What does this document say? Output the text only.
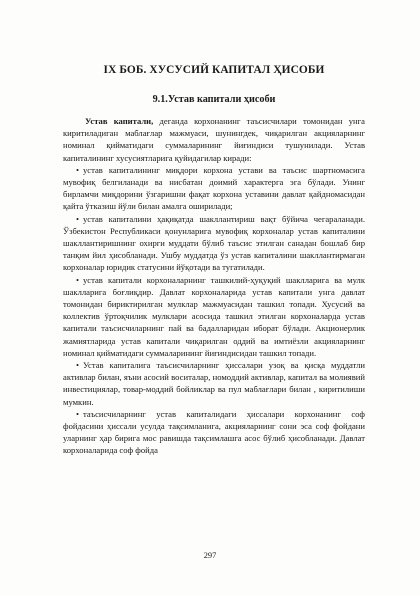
IX БОБ. ХУСУСИЙ КАПИТАЛ ҲИСОБИ
9.1.Устав капитали ҳисоби

Устав капитали, деганда корхонанинг таъсисчилари томонидан унга киритиладиган маблағлар мажмуаси, шунингдек, чиқарилган акцияларнинг номинал қийматидаги суммаларининг йиғиндиси тушунилади. Устав капиталининг хусусиятларига қуйидагилар киради:

• устав капиталининг миқдори корхона устави ва таъсис шартномасига мувофиқ белгиланади ва нисбатан доимий характерга эга бўлади. Унинг бирламчи миқдорини ўзгаришни фақат корхона уставини давлат қайдномасидан қайта ўтказиш йўли билан амалга оширилади;

• устав капиталини ҳақиқатда шакллантириш вақт бўйича чегараланади. Ўзбекистон Республикаси қонунларига мувофиқ корхоналар устав капиталини шакллантиришнинг охирги муддати бўлиб таъсис этилган санадан бошлаб бир танқим йил ҳисобланади. Ушбу муддатда ўз устав капиталини шакллантирмаган корхоналар юридик статусини йўқотади ва тугатилади.

• устав капитали корхоналарнинг ташкилий-ҳуқуқий шаклларига ва мулк шаклларига боғлиқдир. Давлат корхоналарида устав капитали унга давлат томонидан бириктирилган мулклар мажмуасидан ташкил топади. Хусусий ва коллектив ўртоқчилик мулклари асосида ташкил этилган корхоналарда устав капитали таъсисчиларнинг пай ва бадалларидан иборат бўлади. Акционерлик жамиятларида устав капитали чиқарилган оддий ва имтиёзли акцияларнинг номинал қийматидаги суммаларининг йиғиндисидан ташкил топади.

• Устав капиталига таъсисчиларнинг ҳиссалари узоқ ва қисқа муддатли активлар билан, яъни асосий воситалар, номоддий активлар, капитал ва молиявий инвестициялар, товар-моддий бойликлар ва пул маблағлари билан , киритилиши мумкин.

• таъсисчиларнинг устав капиталидаги ҳиссалари корхонанинг соф фойдасини ҳиссали усулда тақсимланига, акцияларнинг сони эса соф фойдани уларнинг ҳар бирига мос равишда тақсимлашга асос бўлиб ҳисобланади. Давлат корхоналарида соф фойда

297
